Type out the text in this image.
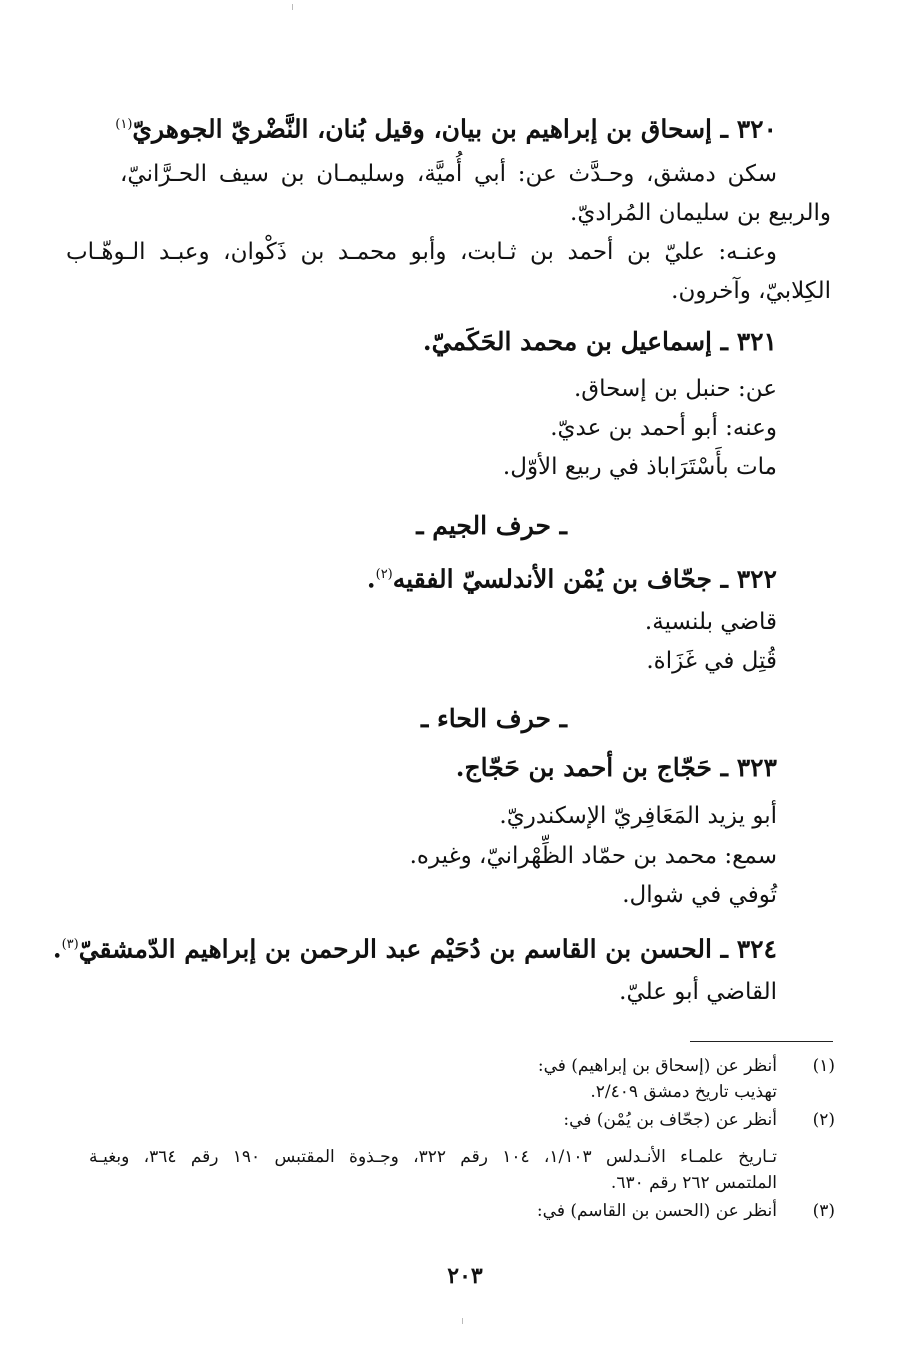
٣٢٠ ـ إسحاق بن إبراهيم بن بيان، وقيل بُنان، النَّضْريّ الجوهريّ$^{(١)}$
سكن دمشق، وحـدَّث عن: أبي أُميَّة، وسليمـان بن سيف الحـرَّانيّ،
والربيع بن سليمان المُراديّ.
وعنـه: عليّ بن أحمد بن ثـابت، وأبو محمـد بن ذَكْوان، وعبـد الـوهّـاب
الكِلابيّ، وآخرون.
٣٢١ ـ إسماعيل بن محمد الحَكَميّ.
عن: حنبل بن إسحاق.
وعنه: أبو أحمد بن عديّ.
مات بأَسْتَرَاباذ في ربيع الأوّل.
ـ حرف الجيم ـ
٣٢٢ ـ جحّاف بن يُمْن الأندلسيّ الفقيه$^{(٢)}$.
قاضي بلنسية.
قُتِل في غَزَاة.
ـ حرف الحاء ـ
٣٢٣ ـ حَجّاج بن أحمد بن حَجّاج.
أبو يزيد المَعَافِريّ الإسكندريّ.
سمع: محمد بن حمّاد الظِّهْرانيّ، وغيره.
تُوفي في شوال.
٣٢٤ ـ الحسن بن القاسم بن دُحَيْم عبد الرحمن بن إبراهيم الدّمشقيّ$^{(٣)}$.
القاضي أبو عليّ.
(١)
أنظر عن (إسحاق بن إبراهيم) في:
تهذيب تاريخ دمشق ٢/٤٠٩.
(٢)
أنظر عن (جحّاف بن يُمْن) في:
تـاريخ علمـاء الأنـدلس ١/١٠٣، ١٠٤ رقم ٣٢٢، وجـذوة المقتبس ١٩٠ رقم ٣٦٤، وبغيـة
الملتمس ٢٦٢ رقم ٦٣٠.
(٣)
أنظر عن (الحسن بن القاسم) في:
٢٠٣
